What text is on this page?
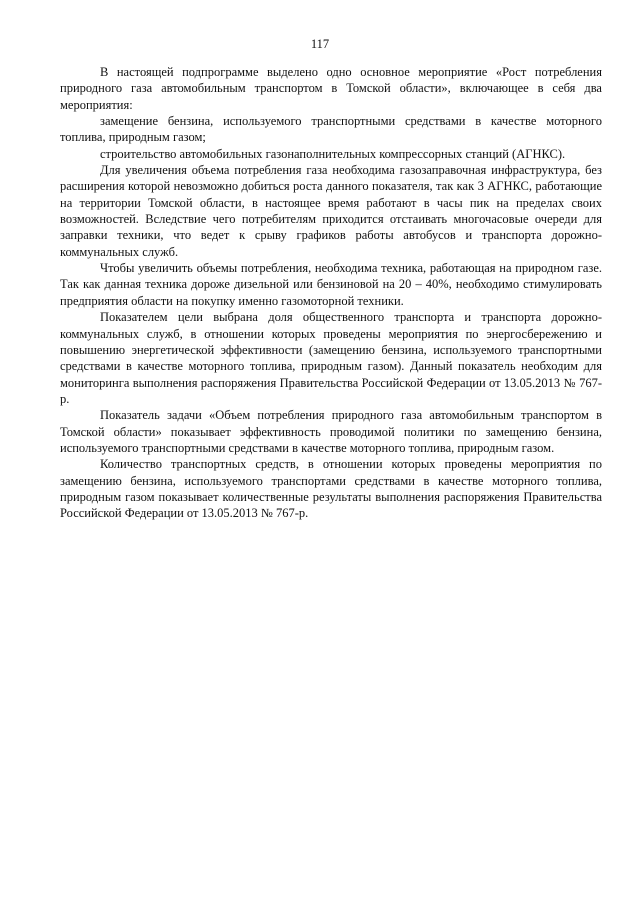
117

В настоящей подпрограмме выделено одно основное мероприятие «Рост потребления природного газа автомобильным транспортом в Томской области», включающее в себя два мероприятия:

замещение бензина, используемого транспортными средствами в качестве моторного топлива, природным газом;

строительство автомобильных газонаполнительных компрессорных станций (АГНКС).

Для увеличения объема потребления газа необходима газозаправочная инфраструктура, без расширения которой невозможно добиться роста данного показателя, так как 3 АГНКС, работающие на территории Томской области, в настоящее время работают в часы пик на пределах своих возможностей. Вследствие чего потребителям приходится отстаивать многочасовые очереди для заправки техники, что ведет к срыву графиков работы автобусов и транспорта дорожно-коммунальных служб.

Чтобы увеличить объемы потребления, необходима техника, работающая на природном газе. Так как данная техника дороже дизельной или бензиновой на 20 – 40%, необходимо стимулировать предприятия области на покупку именно газомоторной техники.

Показателем цели выбрана доля общественного транспорта и транспорта дорожно-коммунальных служб, в отношении которых проведены мероприятия по энергосбережению и повышению энергетической эффективности (замещению бензина, используемого транспортными средствами в качестве моторного топлива, природным газом). Данный показатель необходим для мониторинга выполнения распоряжения Правительства Российской Федерации от 13.05.2013 № 767-р.

Показатель задачи «Объем потребления природного газа автомобильным транспортом в Томской области» показывает эффективность проводимой политики по замещению бензина, используемого транспортными средствами в качестве моторного топлива, природным газом.

Количество транспортных средств, в отношении которых проведены мероприятия по замещению бензина, используемого транспортами средствами в качестве моторного топлива, природным газом показывает количественные результаты выполнения распоряжения Правительства Российской Федерации от 13.05.2013 № 767-р.
